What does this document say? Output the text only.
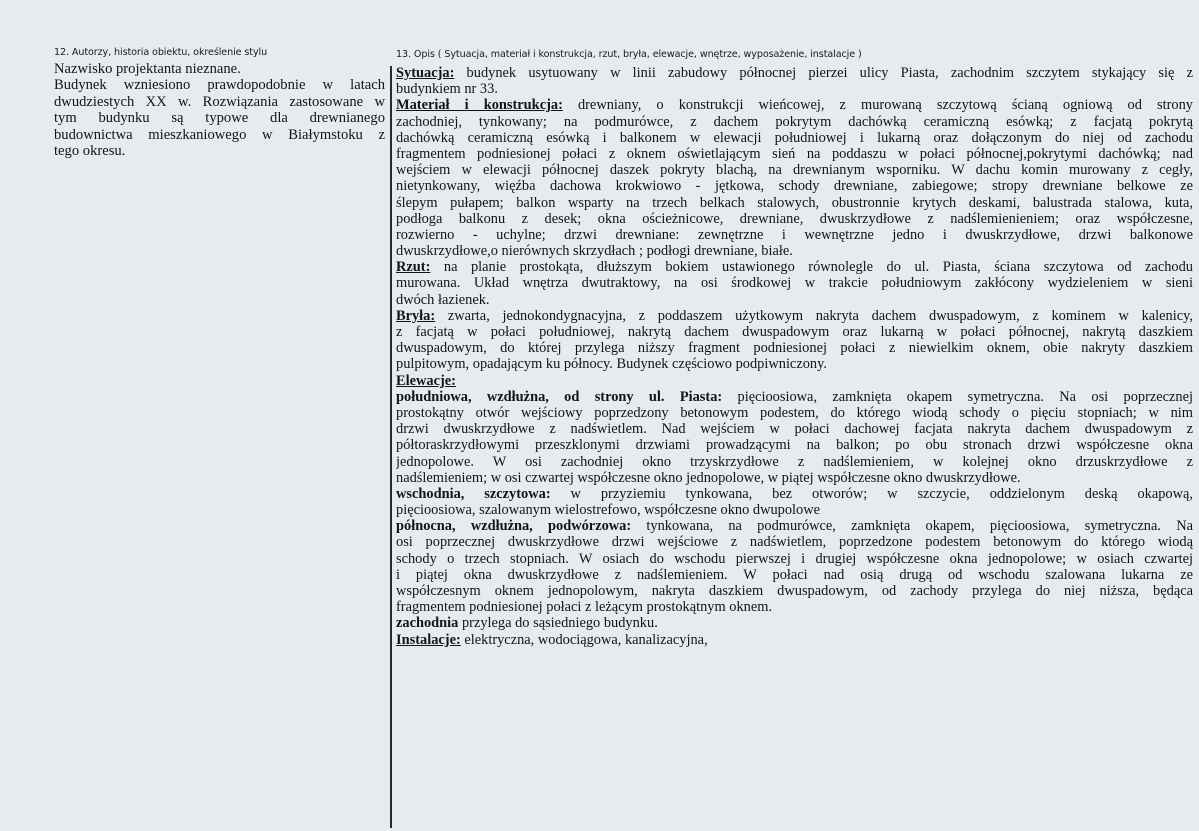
12. Autorzy, historia obiektu, określenie stylu	13. Opis ( Sytuacja, materiał i konstrukcja, rzut, bryła, elewacje, wnętrze, wyposażenie, instalacje )
Nazwisko projektanta nieznane.
Budynek wzniesiono prawdopodobnie w latach
dwudziestych XX w. Rozwiązania zastosowane w
tym budynku są typowe dla drewnianego
budownictwa mieszkaniowego w Białymstoku z
tego okresu.
Sytuacja: budynek usytuowany w linii zabudowy północnej pierzei ulicy Piasta, zachodnim szczytem stykający się z
budynkiem nr 33.
Materiał i konstrukcja: drewniany, o konstrukcji wieńcowej, z murowaną szczytową ścianą ogniową od strony
zachodniej, tynkowany; na podmurówce, z dachem pokrytym dachówką ceramiczną esówką; z facjatą pokrytą
dachówką ceramiczną esówką i balkonem w elewacji południowej i lukarną oraz dołączonym do niej od zachodu
fragmentem podniesionej połaci z oknem oświetlającym sień na poddaszu w połaci północnej,pokrytymi dachówką; nad
wejściem w elewacji północnej daszek pokryty blachą, na drewnianym wsporniku. W dachu komin murowany z cegły,
nietynkowany, więźba dachowa krokwiowo - jętkowa, schody drewniane, zabiegowe; stropy drewniane belkowe ze
ślepym pułapem; balkon wsparty na trzech belkach stalowych, obustronnie krytych deskami, balustrada stalowa, kuta,
podłoga balkonu z desek; okna ościeżnicowe, drewniane, dwuskrzydłowe z nadślemienieniem; oraz współczesne,
rozwierno - uchylne; drzwi drewniane: zewnętrzne i wewnętrzne jedno i dwuskrzydłowe, drzwi balkonowe
dwuskrzydłowe,o nierównych skrzydłach ; podłogi drewniane, białe.
Rzut: na planie prostokąta, dłuższym bokiem ustawionego równolegle do ul. Piasta, ściana szczytowa od zachodu
murowana. Układ wnętrza dwutraktowy, na osi środkowej w trakcie południowym zakłócony wydzieleniem w sieni
dwóch łazienek.
Bryła: zwarta, jednokondygnacyjna, z poddaszem użytkowym nakryta dachem dwuspadowym, z kominem w kalenicy,
z facjatą w połaci południowej, nakrytą dachem dwuspadowym oraz lukarną w połaci północnej, nakrytą daszkiem
dwuspadowym, do której przylega niższy fragment podniesionej połaci z niewielkim oknem, obie nakryty daszkiem
pulpitowym, opadającym ku północy. Budynek częściowo podpiwniczony.
Elewacje:
południowa, wzdłużna, od strony ul. Piasta: pięcioosiowa, zamknięta okapem symetryczna. Na osi poprzecznej
prostokątny otwór wejściowy poprzedzony betonowym podestem, do którego wiodą schody o pięciu stopniach; w nim
drzwi dwuskrzydłowe z nadświetlem. Nad wejściem w połaci dachowej facjata nakryta dachem dwuspadowym z
półtoraskrzydłowymi przeszklonymi drzwiami prowadzącymi na balkon; po obu stronach drzwi współczesne okna
jednopolowe. W osi zachodniej okno trzyskrzydłowe z nadślemieniem, w kolejnej okno drzuskrzydłowe z
nadślemieniem; w osi czwartej współczesne okno jednopolowe, w piątej współczesne okno dwuskrzydłowe.
wschodnia, szczytowa: w przyziemiu tynkowana, bez otworów; w szczycie, oddzielonym deską okapową,
pięcioosiowa, szalowanym wielostrefowo, współczesne okno dwupolowe
północna, wzdłużna, podwórzowa: tynkowana, na podmurówce, zamknięta okapem, pięcioosiowa, symetryczna. Na
osi poprzecznej dwuskrzydłowe drzwi wejściowe z nadświetlem, poprzedzone podestem betonowym do którego wiodą
schody o trzech stopniach. W osiach do wschodu pierwszej i drugiej współczesne okna jednopolowe; w osiach czwartej
i piątej okna dwuskrzydłowe z nadślemieniem. W połaci nad osią drugą od wschodu szalowana lukarna ze
współczesnym oknem jednopolowym, nakryta daszkiem dwuspadowym, od zachody przylega do niej niższa, będąca
fragmentem podniesionej połaci z leżącym prostokątnym oknem.
zachodnia przylega do sąsiedniego budynku.
Instalacje: elektryczna, wodociągowa, kanalizacyjna,
